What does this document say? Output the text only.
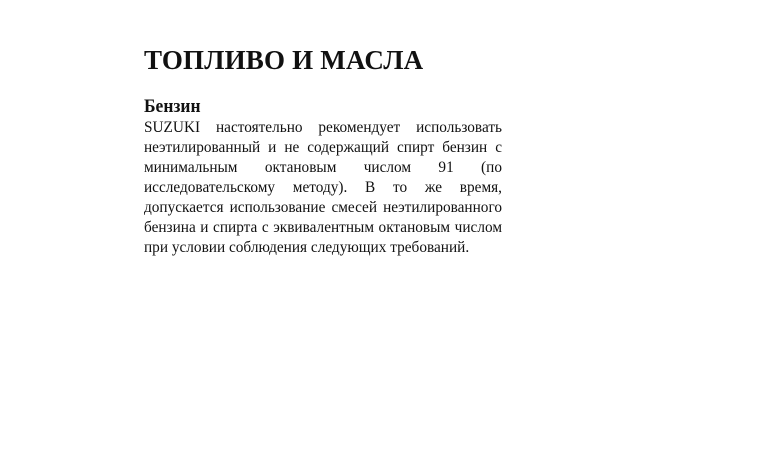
ТОПЛИВО И МАСЛА
Бензин

SUZUKI настоятельно рекомендует использовать неэтилированный и не содержащий спирт бензин с минимальным октановым числом 91 (по исследовательскому методу). В то же время, допускается использование смесей неэтилированного бензина и спирта с эквивалентным октановым числом при условии соблюдения следующих требований.
